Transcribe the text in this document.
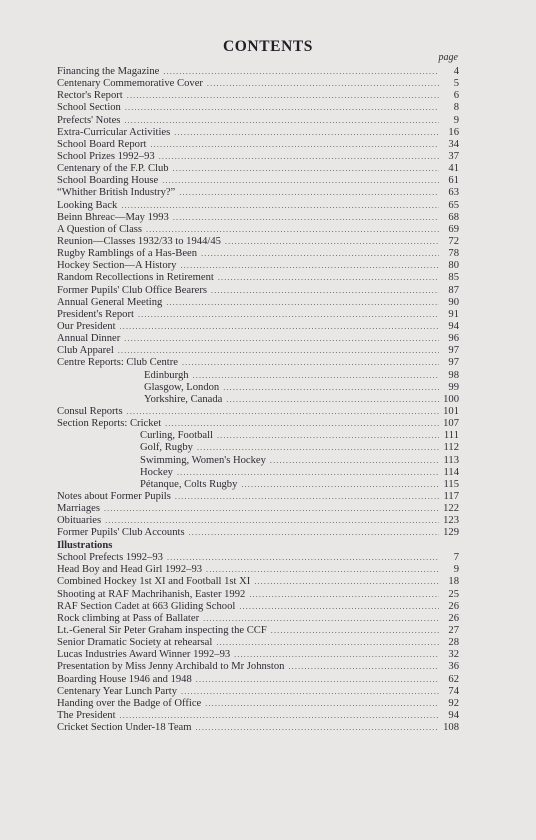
CONTENTS
page
Financing the Magazine .....	4
Centenary Commemorative Cover .....	5
Rector's Report .....	6
School Section .....	8
Prefects' Notes .....	9
Extra-Curricular Activities .....	16
School Board Report .....	34
School Prizes 1992–93 .....	37
Centenary of the F.P. Club .....	41
School Boarding House .....	61
“Whither British Industry?” .....	63
Looking Back .....	65
Beinn Bhreac—May 1993 .....	68
A Question of Class .....	69
Reunion—Classes 1932/33 to 1944/45 .....	72
Rugby Ramblings of a Has-Been .....	78
Hockey Section—A History .....	80
Random Recollections in Retirement .....	85
Former Pupils' Club Office Bearers .....	87
Annual General Meeting .....	90
President's Report .....	91
Our President .....	94
Annual Dinner .....	96
Club Apparel .....	97
Centre Reports: Club Centre .....	97
Edinburgh .....	98
Glasgow, London .....	99
Yorkshire, Canada .....	100
Consul Reports .....	101
Section Reports: Cricket .....	107
Curling, Football .....	111
Golf, Rugby .....	112
Swimming, Women's Hockey .....	113
Hockey .....	114
Pétanque, Colts Rugby .....	115
Notes about Former Pupils .....	117
Marriages .....	122
Obituaries .....	123
Former Pupils' Club Accounts .....	129
Illustrations
School Prefects 1992–93 .....	7
Head Boy and Head Girl 1992–93 .....	9
Combined Hockey 1st XI and Football 1st XI .....	18
Shooting at RAF Machrihanish, Easter 1992 .....	25
RAF Section Cadet at 663 Gliding School .....	26
Rock climbing at Pass of Ballater .....	26
Lt.-General Sir Peter Graham inspecting the CCF .....	27
Senior Dramatic Society at rehearsal .....	28
Lucas Industries Award Winner 1992–93 .....	32
Presentation by Miss Jenny Archibald to Mr Johnston .....	36
Boarding House 1946 and 1948 .....	62
Centenary Year Lunch Party .....	74
Handing over the Badge of Office .....	92
The President .....	94
Cricket Section Under-18 Team .....	108
